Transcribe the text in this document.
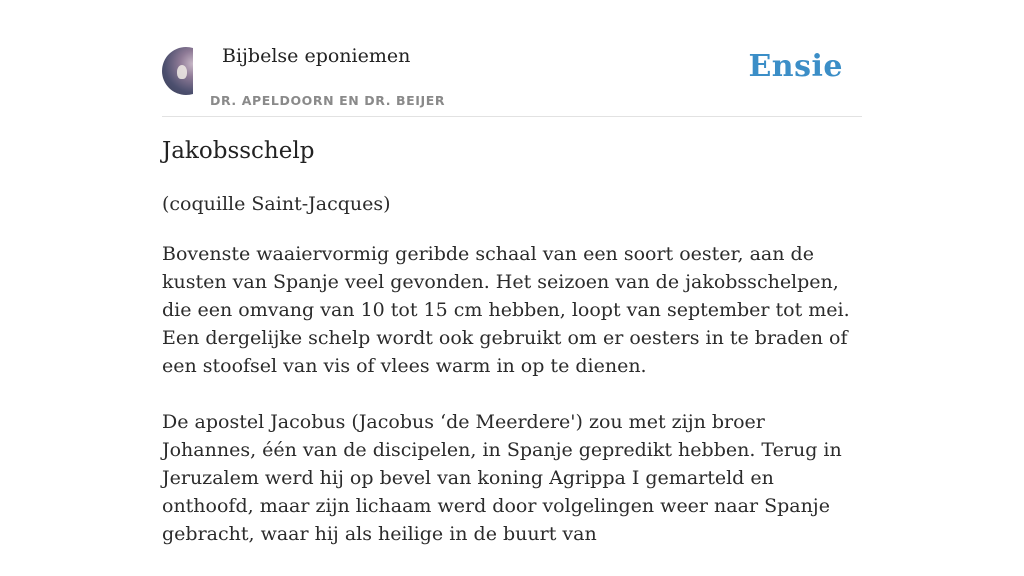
Bijbelse eponiemen
DR. APELDOORN EN DR. BEIJER
Ensie
Jakobsschelp
(coquille Saint-Jacques)

Bovenste waaiervormig geribde schaal van een soort oester, aan de kusten van Spanje veel gevonden. Het seizoen van de jakobsschelpen, die een omvang van 10 tot 15 cm hebben, loopt van september tot mei. Een dergelijke schelp wordt ook gebruikt om er oesters in te braden of een stoofsel van vis of vlees warm in op te dienen.

De apostel Jacobus (Jacobus ‘de Meerdere') zou met zijn broer Johannes, één van de discipelen, in Spanje gepredikt hebben. Terug in Jeruzalem werd hij op bevel van koning Agrippa I gemarteld en onthoofd, maar zijn lichaam werd door volgelingen weer naar Spanje gebracht, waar hij als heilige in de buurt van
